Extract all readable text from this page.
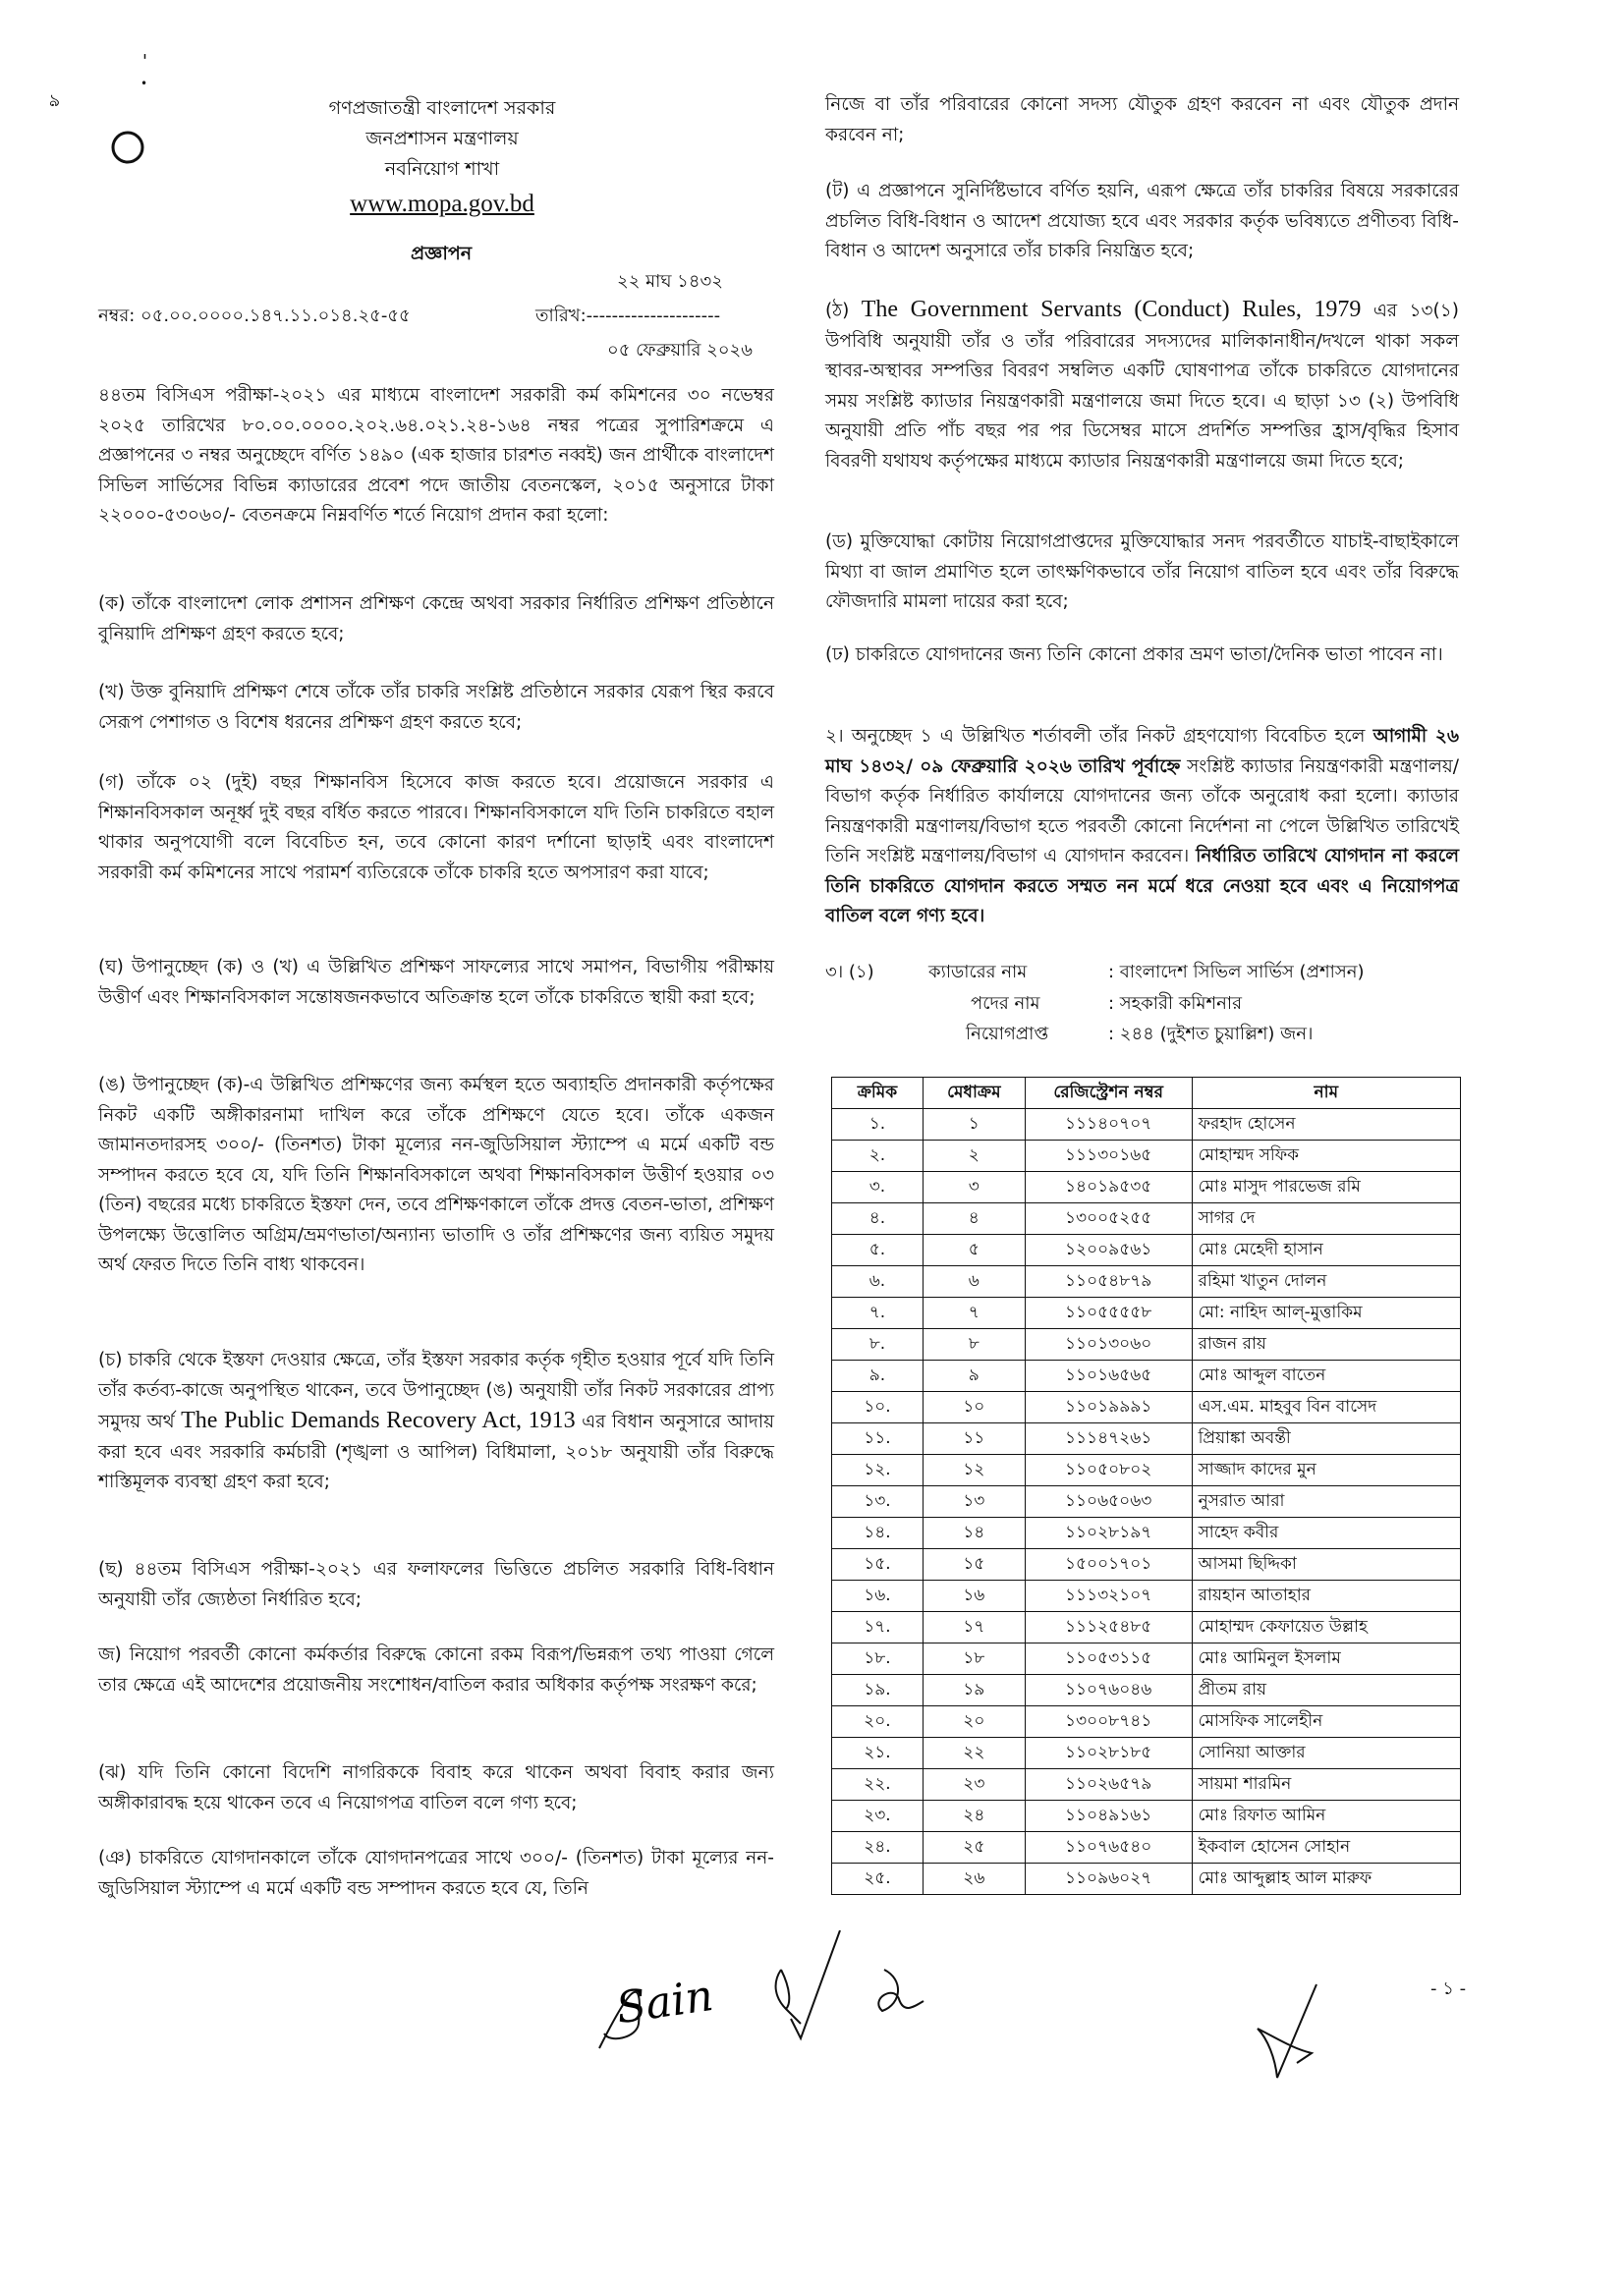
'
•
ঌ	গণপ্রজাতন্ত্রী বাংলাদেশ সরকার
জনপ্রশাসন মন্ত্রণালয়
নবনিয়োগ শাখা
www.mopa.gov.bd
প্রজ্ঞাপন
২২ মাঘ ১৪৩২
নম্বর: ০৫.০০.০০০০.১৪৭.১১.০১৪.২৫-৫৫	তারিখ:---------------------
০৫ ফেব্রুয়ারি ২০২৬
৪৪তম বিসিএস পরীক্ষা-২০২১ এর মাধ্যমে বাংলাদেশ সরকারী কর্ম কমিশনের ৩০ নভেম্বর ২০২৫ তারিখের ৮০.০০.০০০০.২০২.৬৪.০২১.২৪-১৬৪ নম্বর পত্রের সুপারিশক্রমে এ প্রজ্ঞাপনের ৩ নম্বর অনুচ্ছেদে বর্ণিত ১৪৯০ (এক হাজার চারশত নব্বই) জন প্রার্থীকে বাংলাদেশ সিভিল সার্ভিসের বিভিন্ন ক্যাডারের প্রবেশ পদে জাতীয় বেতনস্কেল, ২০১৫ অনুসারে টাকা ২২০০০-৫৩০৬০/- বেতনক্রমে নিম্নবর্ণিত শর্তে নিয়োগ প্রদান করা হলো:
(ক) তাঁকে বাংলাদেশ লোক প্রশাসন প্রশিক্ষণ কেন্দ্রে অথবা সরকার নির্ধারিত প্রশিক্ষণ প্রতিষ্ঠানে বুনিয়াদি প্রশিক্ষণ গ্রহণ করতে হবে;
(খ) উক্ত বুনিয়াদি প্রশিক্ষণ শেষে তাঁকে তাঁর চাকরি সংশ্লিষ্ট প্রতিষ্ঠানে সরকার যেরূপ স্থির করবে সেরূপ পেশাগত ও বিশেষ ধরনের প্রশিক্ষণ গ্রহণ করতে হবে;
(গ) তাঁকে ০২ (দুই) বছর শিক্ষানবিস হিসেবে কাজ করতে হবে। প্রয়োজনে সরকার এ শিক্ষানবিসকাল অনূর্ধ্ব দুই বছর বর্ধিত করতে পারবে। শিক্ষানবিসকালে যদি তিনি চাকরিতে বহাল থাকার অনুপযোগী বলে বিবেচিত হন, তবে কোনো কারণ দর্শানো ছাড়াই এবং বাংলাদেশ সরকারী কর্ম কমিশনের সাথে পরামর্শ ব্যতিরেকে তাঁকে চাকরি হতে অপসারণ করা যাবে;
(ঘ) উপানুচ্ছেদ (ক) ও (খ) এ উল্লিখিত প্রশিক্ষণ সাফল্যের সাথে সমাপন, বিভাগীয় পরীক্ষায় উত্তীর্ণ এবং শিক্ষানবিসকাল সন্তোষজনকভাবে অতিক্রান্ত হলে তাঁকে চাকরিতে স্থায়ী করা হবে;
(ঙ) উপানুচ্ছেদ (ক)-এ উল্লিখিত প্রশিক্ষণের জন্য কর্মস্থল হতে অব্যাহতি প্রদানকারী কর্তৃপক্ষের নিকট একটি অঙ্গীকারনামা দাখিল করে তাঁকে প্রশিক্ষণে যেতে হবে। তাঁকে একজন জামানতদারসহ ৩০০/- (তিনশত) টাকা মূল্যের নন-জুডিসিয়াল স্ট্যাম্পে এ মর্মে একটি বন্ড সম্পাদন করতে হবে যে, যদি তিনি শিক্ষানবিসকালে অথবা শিক্ষানবিসকাল উত্তীর্ণ হওয়ার ০৩ (তিন) বছরের মধ্যে চাকরিতে ইস্তফা দেন, তবে প্রশিক্ষণকালে তাঁকে প্রদত্ত বেতন-ভাতা, প্রশিক্ষণ উপলক্ষ্যে উত্তোলিত অগ্রিম/ভ্রমণভাতা/অন্যান্য ভাতাদি ও তাঁর প্রশিক্ষণের জন্য ব্যয়িত সমুদয় অর্থ ফেরত দিতে তিনি বাধ্য থাকবেন।
(চ) চাকরি থেকে ইস্তফা দেওয়ার ক্ষেত্রে, তাঁর ইস্তফা সরকার কর্তৃক গৃহীত হওয়ার পূর্বে যদি তিনি তাঁর কর্তব্য-কাজে অনুপস্থিত থাকেন, তবে উপানুচ্ছেদ (ঙ) অনুযায়ী তাঁর নিকট সরকারের প্রাপ্য সমুদয় অর্থ The Public Demands Recovery Act, 1913 এর বিধান অনুসারে আদায় করা হবে এবং সরকারি কর্মচারী (শৃঙ্খলা ও আপিল) বিধিমালা, ২০১৮ অনুযায়ী তাঁর বিরুদ্ধে শাস্তিমূলক ব্যবস্থা গ্রহণ করা হবে;
(ছ) ৪৪তম বিসিএস পরীক্ষা-২০২১ এর ফলাফলের ভিত্তিতে প্রচলিত সরকারি বিধি-বিধান অনুযায়ী তাঁর জ্যেষ্ঠতা নির্ধারিত হবে;
জ) নিয়োগ পরবর্তী কোনো কর্মকর্তার বিরুদ্ধে কোনো রকম বিরূপ/ভিন্নরূপ তথ্য পাওয়া গেলে তার ক্ষেত্রে এই আদেশের প্রয়োজনীয় সংশোধন/বাতিল করার অধিকার কর্তৃপক্ষ সংরক্ষণ করে;
(ঝ) যদি তিনি কোনো বিদেশি নাগরিককে বিবাহ করে থাকেন অথবা বিবাহ করার জন্য অঙ্গীকারাবদ্ধ হয়ে থাকেন তবে এ নিয়োগপত্র বাতিল বলে গণ্য হবে;
(ঞ) চাকরিতে যোগদানকালে তাঁকে যোগদানপত্রের সাথে ৩০০/- (তিনশত) টাকা মূল্যের নন-জুডিসিয়াল স্ট্যাম্পে এ মর্মে একটি বন্ড সম্পাদন করতে হবে যে, তিনি
নিজে বা তাঁর পরিবারের কোনো সদস্য যৌতুক গ্রহণ করবেন না এবং যৌতুক প্রদান করবেন না;
(ট) এ প্রজ্ঞাপনে সুনির্দিষ্টভাবে বর্ণিত হয়নি, এরূপ ক্ষেত্রে তাঁর চাকরির বিষয়ে সরকারের প্রচলিত বিধি-বিধান ও আদেশ প্রযোজ্য হবে এবং সরকার কর্তৃক ভবিষ্যতে প্রণীতব্য বিধি-বিধান ও আদেশ অনুসারে তাঁর চাকরি নিয়ন্ত্রিত হবে;
(ঠ) The Government Servants (Conduct) Rules, 1979 এর ১৩(১) উপবিধি অনুযায়ী তাঁর ও তাঁর পরিবারের সদস্যদের মালিকানাধীন/দখলে থাকা সকল স্থাবর-অস্থাবর সম্পত্তির বিবরণ সম্বলিত একটি ঘোষণাপত্র তাঁকে চাকরিতে যোগদানের সময় সংশ্লিষ্ট ক্যাডার নিয়ন্ত্রণকারী মন্ত্রণালয়ে জমা দিতে হবে। এ ছাড়া ১৩ (২) উপবিধি অনুযায়ী প্রতি পাঁচ বছর পর পর ডিসেম্বর মাসে প্রদর্শিত সম্পত্তির হ্রাস/বৃদ্ধির হিসাব বিবরণী যথাযথ কর্তৃপক্ষের মাধ্যমে ক্যাডার নিয়ন্ত্রণকারী মন্ত্রণালয়ে জমা দিতে হবে;
(ড) মুক্তিযোদ্ধা কোটায় নিয়োগপ্রাপ্তদের মুক্তিযোদ্ধার সনদ পরবর্তীতে যাচাই-বাছাইকালে মিথ্যা বা জাল প্রমাণিত হলে তাৎক্ষণিকভাবে তাঁর নিয়োগ বাতিল হবে এবং তাঁর বিরুদ্ধে ফৌজদারি মামলা দায়ের করা হবে;
(ঢ) চাকরিতে যোগদানের জন্য তিনি কোনো প্রকার ভ্রমণ ভাতা/দৈনিক ভাতা পাবেন না।
২। অনুচ্ছেদ ১ এ উল্লিখিত শর্তাবলী তাঁর নিকট গ্রহণযোগ্য বিবেচিত হলে আগামী ২৬ মাঘ ১৪৩২/ ০৯ ফেব্রুয়ারি ২০২৬ তারিখ পূর্বাহ্নে সংশ্লিষ্ট ক্যাডার নিয়ন্ত্রণকারী মন্ত্রণালয়/বিভাগ কর্তৃক নির্ধারিত কার্যালয়ে যোগদানের জন্য তাঁকে অনুরোধ করা হলো। ক্যাডার নিয়ন্ত্রণকারী মন্ত্রণালয়/বিভাগ হতে পরবর্তী কোনো নির্দেশনা না পেলে উল্লিখিত তারিখেই তিনি সংশ্লিষ্ট মন্ত্রণালয়/বিভাগ এ যোগদান করবেন। নির্ধারিত তারিখে যোগদান না করলে তিনি চাকরিতে যোগদান করতে সম্মত নন মর্মে ধরে নেওয়া হবে এবং এ নিয়োগপত্র বাতিল বলে গণ্য হবে।
৩। (১)	ক্যাডারের নাম	: বাংলাদেশ সিভিল সার্ভিস (প্রশাসন)
পদের নাম	: সহকারী কমিশনার
নিয়োগপ্রাপ্ত	: ২৪৪ (দুইশত চুয়াল্লিশ) জন।
ক্রমিক	মেধাক্রম	রেজিস্ট্রেশন নম্বর	নাম
১.	১	১১১৪০৭০৭	ফরহাদ হোসেন
২.	২	১১১৩০১৬৫	মোহাম্মদ সফিক
৩.	৩	১৪০১৯৫৩৫	মোঃ মাসুদ পারভেজ রমি
৪.	৪	১৩০০৫২৫৫	সাগর দে
৫.	৫	১২০০৯৫৬১	মোঃ মেহেদী হাসান
৬.	৬	১১০৫৪৮৭৯	রহিমা খাতুন দোলন
৭.	৭	১১০৫৫৫৫৮	মো: নাহিদ আল্-মুত্তাকিম
৮.	৮	১১০১৩০৬০	রাজন রায়
৯.	৯	১১০১৬৫৬৫	মোঃ আব্দুল বাতেন
১০.	১০	১১০১৯৯৯১	এস.এম. মাহবুব বিন বাসেদ
১১.	১১	১১১৪৭২৬১	প্রিয়াঙ্কা অবন্তী
১২.	১২	১১০৫০৮০২	সাজ্জাদ কাদের মুন
১৩.	১৩	১১০৬৫০৬৩	নুসরাত আরা
১৪.	১৪	১১০২৮১৯৭	সাহেদ কবীর
১৫.	১৫	১৫০০১৭০১	আসমা ছিদ্দিকা
১৬.	১৬	১১১৩২১০৭	রায়হান আতাহার
১৭.	১৭	১১১২৫৪৮৫	মোহাম্মদ কেফায়েত উল্লাহ
১৮.	১৮	১১০৫৩১১৫	মোঃ আমিনুল ইসলাম
১৯.	১৯	১১০৭৬০৪৬	প্রীতম রায়
২০.	২০	১৩০০৮৭৪১	মোসফিক সালেহীন
২১.	২২	১১০২৮১৮৫	সোনিয়া আক্তার
২২.	২৩	১১০২৬৫৭৯	সায়মা শারমিন
২৩.	২৪	১১০৪৯১৬১	মোঃ রিফাত আমিন
২৪.	২৫	১১০৭৬৫৪০	ইকবাল হোসেন সোহান
২৫.	২৬	১১০৯৬০২৭	মোঃ আব্দুল্লাহ আল মারুফ
- ১ -
Sain
